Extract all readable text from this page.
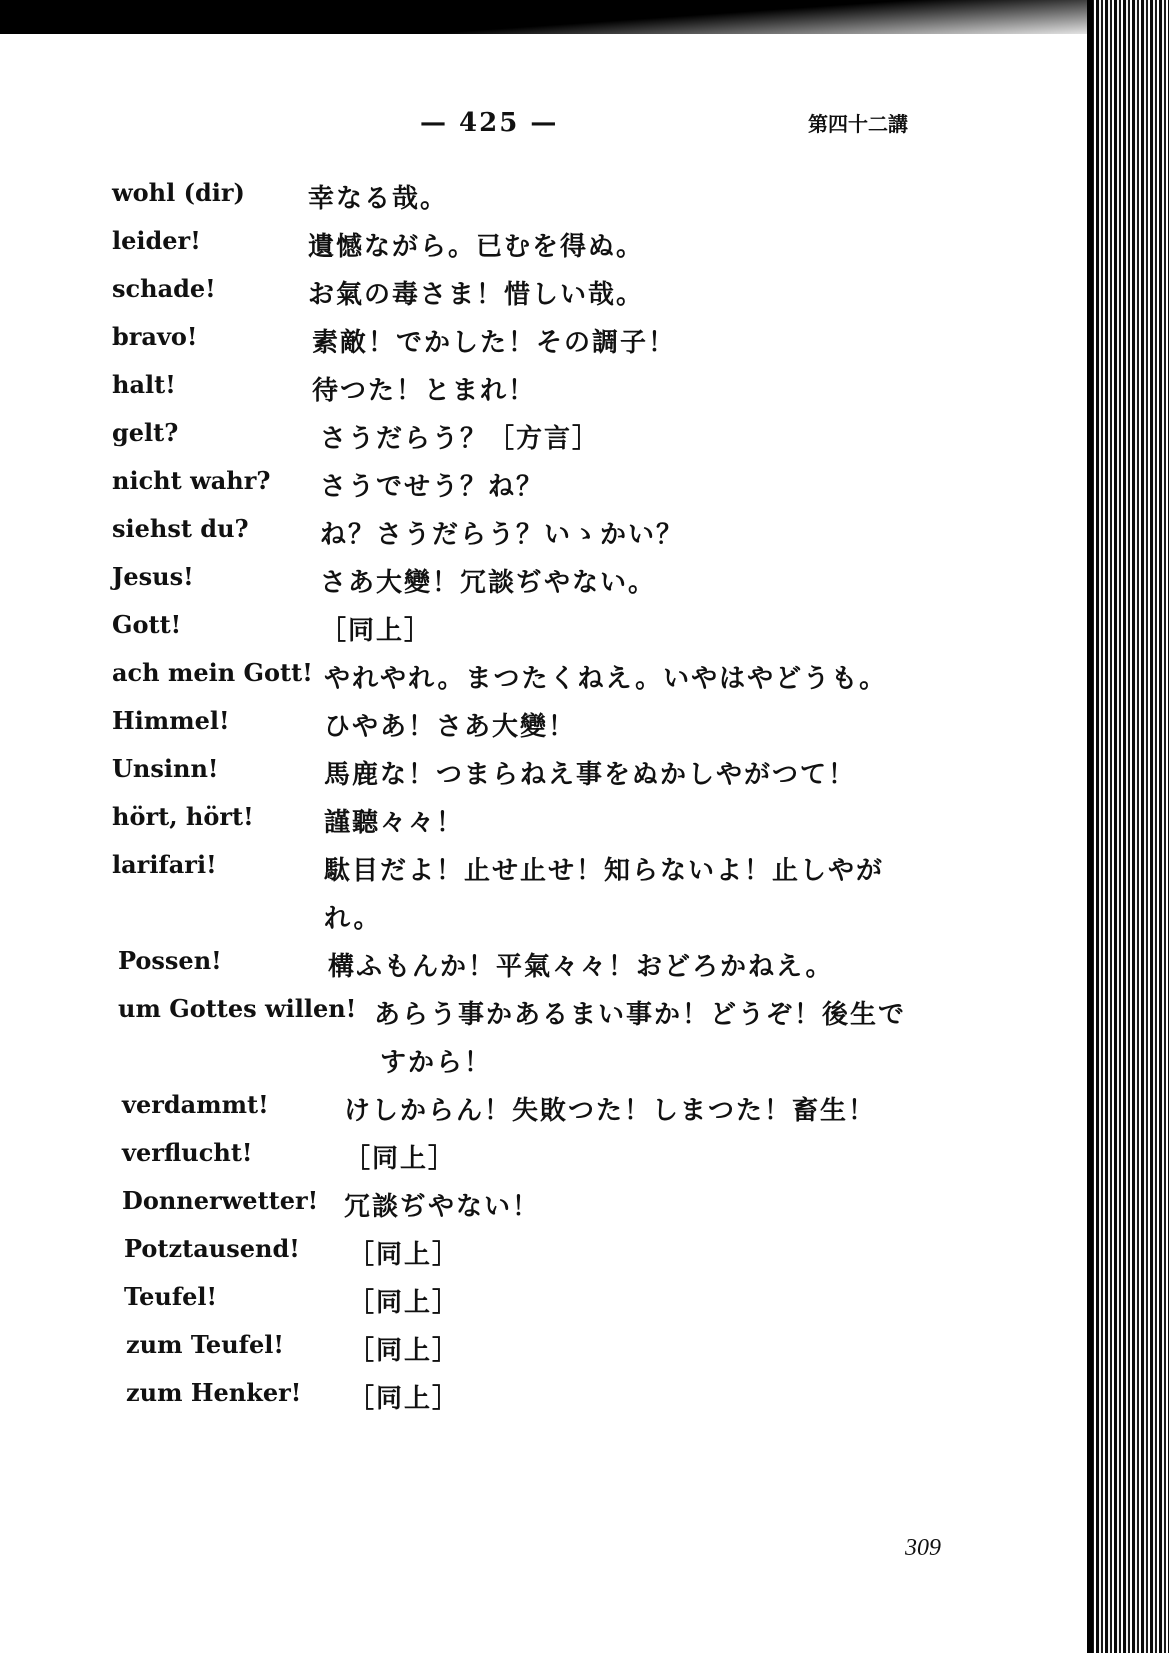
— 425 —	第四十二講
wohl (dir) 幸なる哉。
leider!	遺憾ながら。已むを得ぬ。
schade!	お氣の毒さま！惜しい哉。
bravo!	素敵！でかした！その調子！
halt!	待つた！とまれ！
gelt?	さうだらう？［方言］
nicht wahr? さうでせう？ね？
siehst du?	ね？さうだらう？いゝかい？
Jesus!	さあ大變！冗談ぢやない。
Gott!	［同上］
ach mein Gott! やれやれ。まつたくねえ。いやはやどうも。
Himmel!	ひやあ！さあ大變！
Unsinn!	馬鹿な！つまらねえ事をぬかしやがつて！
hört, hört!	謹聽々々！
larifari!	駄目だよ！止せ止せ！知らないよ！止しやが
れ。
Possen!	構ふもんか！平氣々々！おどろかねえ。
um Gottes willen! あらう事かあるまい事か！どうぞ！後生で
すから！
verdammt!	けしからん！失敗つた！しまつた！畜生！
verflucht!	［同上］
Donnerwetter! 冗談ぢやない！
Potztausend! ［同上］
Teufel!	［同上］
zum Teufel! ［同上］
zum Henker! ［同上］
309
